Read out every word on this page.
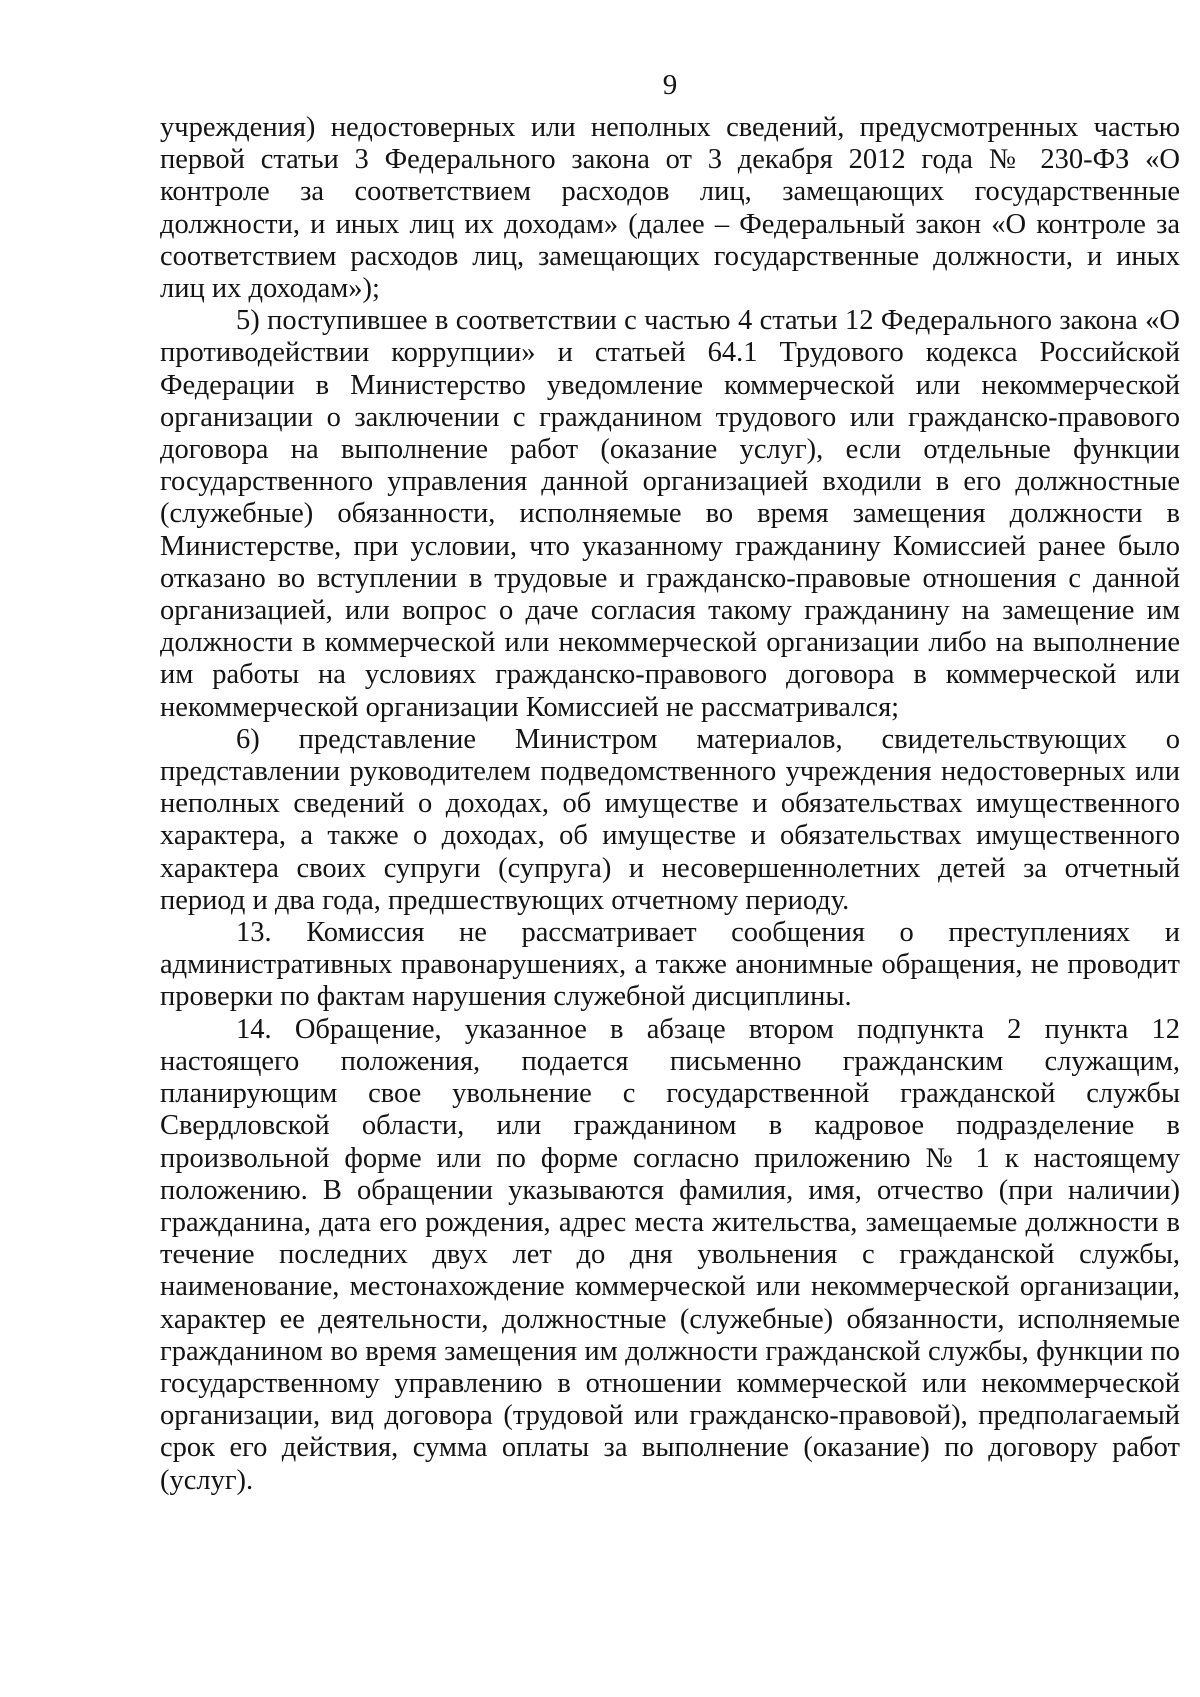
9

учреждения) недостоверных или неполных сведений, предусмотренных частью первой статьи 3 Федерального закона от 3 декабря 2012 года № 230-ФЗ «О контроле за соответствием расходов лиц, замещающих государственные должности, и иных лиц их доходам» (далее – Федеральный закон «О контроле за соответствием расходов лиц, замещающих государственные должности, и иных лиц их доходам»);

5) поступившее в соответствии с частью 4 статьи 12 Федерального закона «О противодействии коррупции» и статьей 64.1 Трудового кодекса Российской Федерации в Министерство уведомление коммерческой или некоммерческой организации о заключении с гражданином трудового или гражданско-правового договора на выполнение работ (оказание услуг), если отдельные функции государственного управления данной организацией входили в его должностные (служебные) обязанности, исполняемые во время замещения должности в Министерстве, при условии, что указанному гражданину Комиссией ранее было отказано во вступлении в трудовые и гражданско-правовые отношения с данной организацией, или вопрос о даче согласия такому гражданину на замещение им должности в коммерческой или некоммерческой организации либо на выполнение им работы на условиях гражданско-правового договора в коммерческой или некоммерческой организации Комиссией не рассматривался;

6) представление Министром материалов, свидетельствующих о представлении руководителем подведомственного учреждения недостоверных или неполных сведений о доходах, об имуществе и обязательствах имущественного характера, а также о доходах, об имуществе и обязательствах имущественного характера своих супруги (супруга) и несовершеннолетних детей за отчетный период и два года, предшествующих отчетному периоду.

13. Комиссия не рассматривает сообщения о преступлениях и административных правонарушениях, а также анонимные обращения, не проводит проверки по фактам нарушения служебной дисциплины.

14. Обращение, указанное в абзаце втором подпункта 2 пункта 12 настоящего положения, подается письменно гражданским служащим, планирующим свое увольнение с государственной гражданской службы Свердловской области, или гражданином в кадровое подразделение в произвольной форме или по форме согласно приложению № 1 к настоящему положению. В обращении указываются фамилия, имя, отчество (при наличии) гражданина, дата его рождения, адрес места жительства, замещаемые должности в течение последних двух лет до дня увольнения с гражданской службы, наименование, местонахождение коммерческой или некоммерческой организации, характер ее деятельности, должностные (служебные) обязанности, исполняемые гражданином во время замещения им должности гражданской службы, функции по государственному управлению в отношении коммерческой или некоммерческой организации, вид договора (трудовой или гражданско-правовой), предполагаемый срок его действия, сумма оплаты за выполнение (оказание) по договору работ (услуг).
